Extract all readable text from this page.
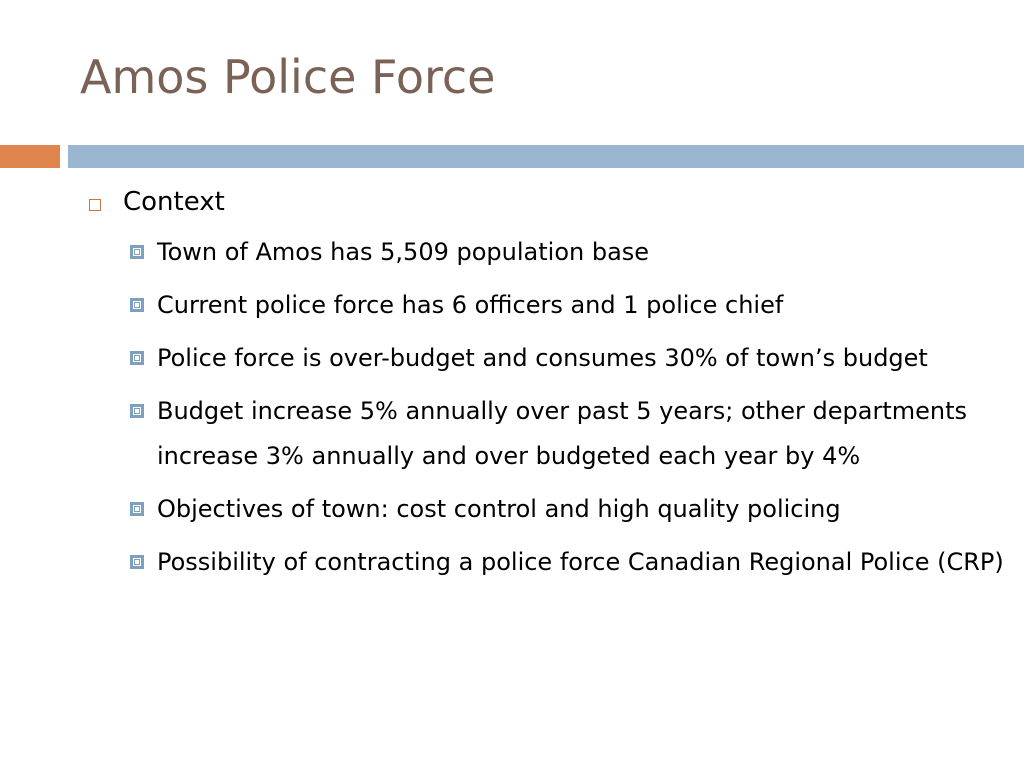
Amos Police Force
Context
Town of Amos has 5,509 population base
Current police force has 6 officers and 1 police chief
Police force is over-budget and consumes 30% of town’s budget
Budget increase 5% annually over past 5 years; other departments increase 3% annually and over budgeted each year by 4%
Objectives of town: cost control and high quality policing
Possibility of contracting a police force Canadian Regional Police (CRP)
